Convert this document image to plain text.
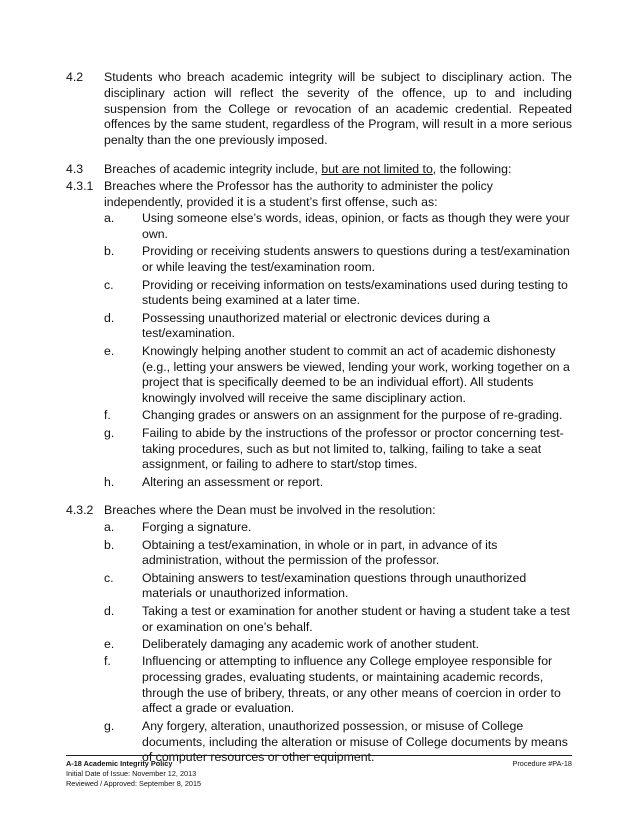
4.2	Students who breach academic integrity will be subject to disciplinary action. The disciplinary action will reflect the severity of the offence, up to and including suspension from the College or revocation of an academic credential. Repeated offences by the same student, regardless of the Program, will result in a more serious penalty than the one previously imposed.
4.3	Breaches of academic integrity include, but are not limited to, the following:
4.3.1 Breaches where the Professor has the authority to administer the policy independently, provided it is a student’s first offense, such as:
a.	Using someone else’s words, ideas, opinion, or facts as though they were your own.
b.	Providing or receiving students answers to questions during a test/examination or while leaving the test/examination room.
c.	Providing or receiving information on tests/examinations used during testing to students being examined at a later time.
d.	Possessing unauthorized material or electronic devices during a test/examination.
e.	Knowingly helping another student to commit an act of academic dishonesty (e.g., letting your answers be viewed, lending your work, working together on a project that is specifically deemed to be an individual effort). All students knowingly involved will receive the same disciplinary action.
f.	Changing grades or answers on an assignment for the purpose of re-grading.
g.	Failing to abide by the instructions of the professor or proctor concerning test-taking procedures, such as but not limited to, talking, failing to take a seat assignment, or failing to adhere to start/stop times.
h.	Altering an assessment or report.
4.3.2 Breaches where the Dean must be involved in the resolution:
a.	Forging a signature.
b.	Obtaining a test/examination, in whole or in part, in advance of its administration, without the permission of the professor.
c.	Obtaining answers to test/examination questions through unauthorized materials or unauthorized information.
d.	Taking a test or examination for another student or having a student take a test or examination on one’s behalf.
e.	Deliberately damaging any academic work of another student.
f.	Influencing or attempting to influence any College employee responsible for processing grades, evaluating students, or maintaining academic records, through the use of bribery, threats, or any other means of coercion in order to affect a grade or evaluation.
g.	Any forgery, alteration, unauthorized possession, or misuse of College documents, including the alteration or misuse of College documents by means of computer resources or other equipment.
A-18 Academic Integrity Policy	Procedure #PA-18
Initial Date of Issue: November 12, 2013
Reviewed / Approved: September 8, 2015
